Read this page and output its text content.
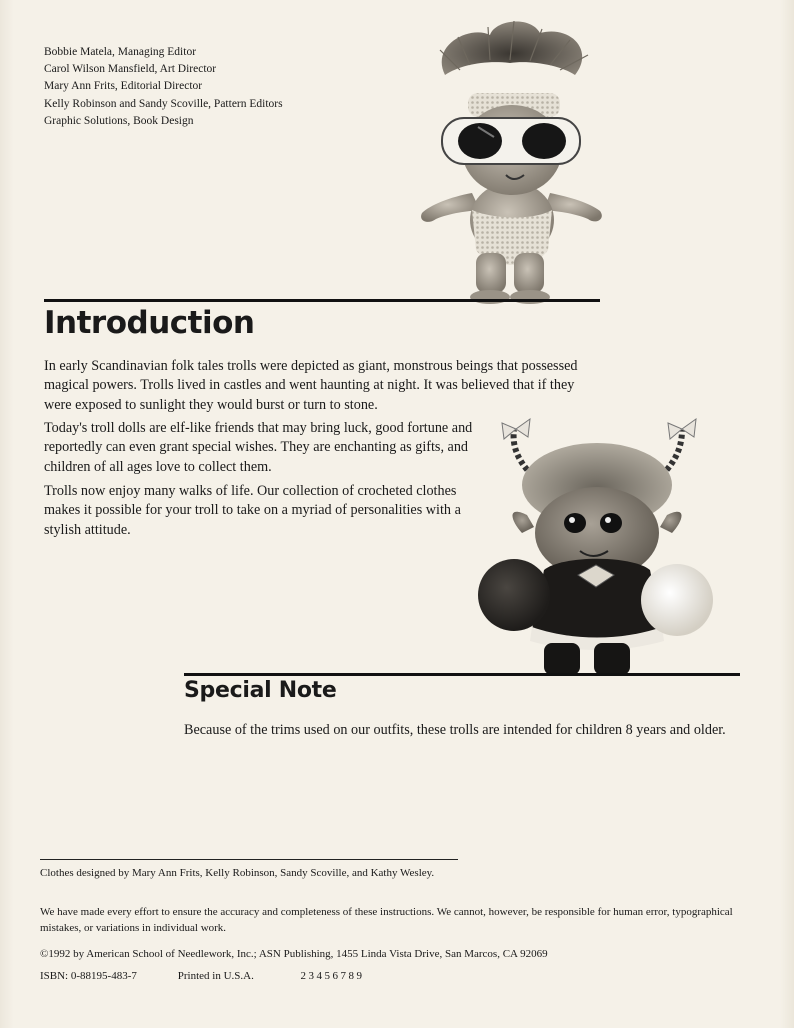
Bobbie Matela, Managing Editor
Carol Wilson Mansfield, Art Director
Mary Ann Frits, Editorial Director
Kelly Robinson and Sandy Scoville, Pattern Editors
Graphic Solutions, Book Design
Introduction

In early Scandinavian folk tales trolls were depicted as giant, monstrous beings that possessed magical powers. Trolls lived in castles and went haunting at night. It was believed that if they were exposed to sunlight they would burst or turn to stone.

Today's troll dolls are elf-like friends that may bring luck, good fortune and reportedly can even grant special wishes. They are enchanting as gifts, and children of all ages love to collect them.

Trolls now enjoy many walks of life. Our collection of crocheted clothes makes it possible for your troll to take on a myriad of personalities with a stylish attitude.

Special Note

Because of the trims used on our outfits, these trolls are intended for children 8 years and older.

Clothes designed by Mary Ann Frits, Kelly Robinson, Sandy Scoville, and Kathy Wesley.

We have made every effort to ensure the accuracy and completeness of these instructions. We cannot, however, be responsible for human error, typographical mistakes, or variations in individual work.

©1992 by American School of Needlework, Inc.; ASN Publishing, 1455 Linda Vista Drive, San Marcos, CA 92069

ISBN: 0-88195-483-7	Printed in U.S.A.	23456789
